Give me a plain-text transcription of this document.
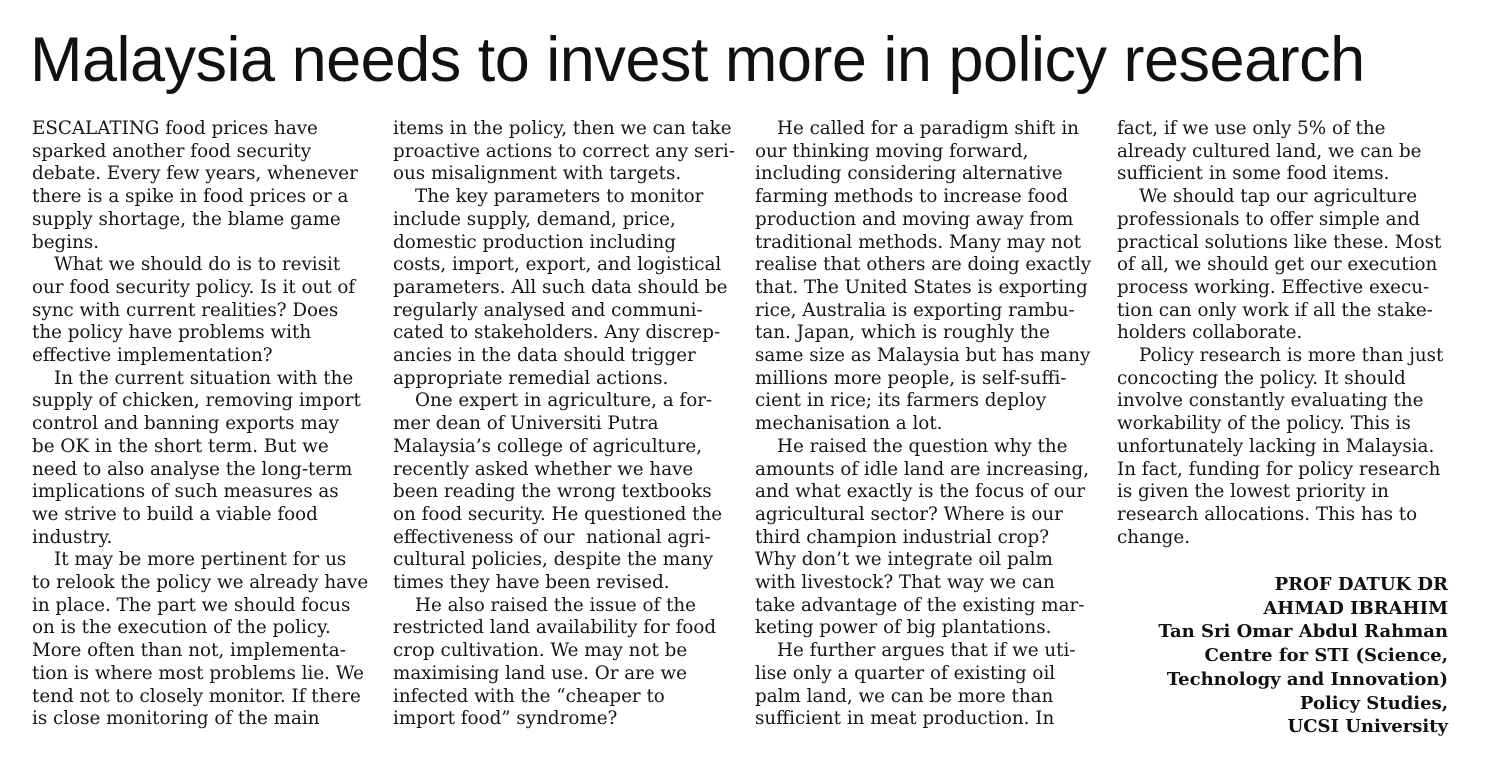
Malaysia needs to invest more in policy research
ESCALATING food prices have
sparked another food security
debate. Every few years, whenever
there is a spike in food prices or a
supply shortage, the blame game
begins.
What we should do is to revisit
our food security policy. Is it out of
sync with current realities? Does
the policy have problems with
effective implementation?
In the current situation with the
supply of chicken, removing import
control and banning exports may
be OK in the short term. But we
need to also analyse the long-term
implications of such measures as
we strive to build a viable food
industry.
It may be more pertinent for us
to relook the policy we already have
in place. The part we should focus
on is the execution of the policy.
More often than not, implementa-
tion is where most problems lie. We
tend not to closely monitor. If there
is close monitoring of the main
items in the policy, then we can take
proactive actions to correct any seri-
ous misalignment with targets.
The key parameters to monitor
include supply, demand, price,
domestic production including
costs, import, export, and logistical
parameters. All such data should be
regularly analysed and communi-
cated to stakeholders. Any discrep-
ancies in the data should trigger
appropriate remedial actions.
One expert in agriculture, a for-
mer dean of Universiti Putra
Malaysia’s college of agriculture,
recently asked whether we have
been reading the wrong textbooks
on food security. He questioned the
effectiveness of our  national agri-
cultural policies, despite the many
times they have been revised.
He also raised the issue of the
restricted land availability for food
crop cultivation. We may not be
maximising land use. Or are we
infected with the “cheaper to
import food” syndrome?
He called for a paradigm shift in
our thinking moving forward,
including considering alternative
farming methods to increase food
production and moving away from
traditional methods. Many may not
realise that others are doing exactly
that. The United States is exporting
rice, Australia is exporting rambu-
tan. Japan, which is roughly the
same size as Malaysia but has many
millions more people, is self-suffi-
cient in rice; its farmers deploy
mechanisation a lot.
He raised the question why the
amounts of idle land are increasing,
and what exactly is the focus of our
agricultural sector? Where is our
third champion industrial crop?
Why don’t we integrate oil palm
with livestock? That way we can
take advantage of the existing mar-
keting power of big plantations.
He further argues that if we uti-
lise only a quarter of existing oil
palm land, we can be more than
sufficient in meat production. In
fact, if we use only 5% of the
already cultured land, we can be
sufficient in some food items.
We should tap our agriculture
professionals to offer simple and
practical solutions like these. Most
of all, we should get our execution
process working. Effective execu-
tion can only work if all the stake-
holders collaborate.
Policy research is more than just
concocting the policy. It should
involve constantly evaluating the
workability of the policy. This is
unfortunately lacking in Malaysia.
In fact, funding for policy research
is given the lowest priority in
research allocations. This has to
change.
PROF DATUK DR
AHMAD IBRAHIM
Tan Sri Omar Abdul Rahman
Centre for STI (Science,
Technology and Innovation)
Policy Studies,
UCSI University
